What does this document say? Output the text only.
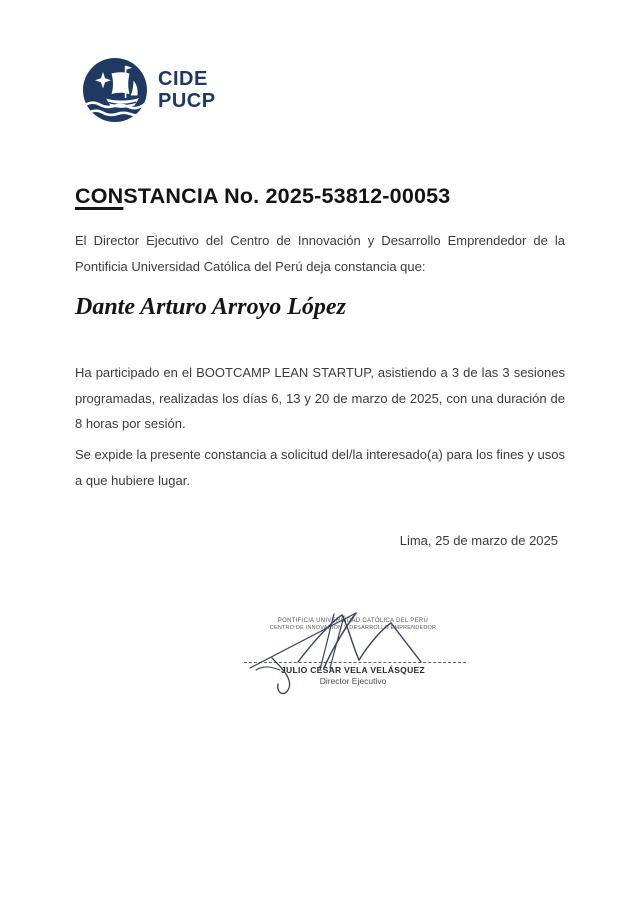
CIDE
PUCP
CONSTANCIA No. 2025-53812-00053

El Director Ejecutivo del Centro de Innovación y Desarrollo Emprendedor de la Pontificia Universidad Católica del Perú deja constancia que:

Dante Arturo Arroyo López

Ha participado en el BOOTCAMP LEAN STARTUP, asistiendo a 3 de las 3 sesiones programadas, realizadas los días 6, 13 y 20 de marzo de 2025, con una duración de 8 horas por sesión.

Se expide la presente constancia a solicitud del/la interesado(a) para los fines y usos a que hubiere lugar.

Lima, 25 de marzo de 2025
PONTIFICIA UNIVERSIDAD CATÓLICA DEL PERÚ
CENTRO DE INNOVACIÓN Y DESARROLLO EMPRENDEDOR
JULIO CÉSAR VELA VELÁSQUEZ
Director Ejecutivo
